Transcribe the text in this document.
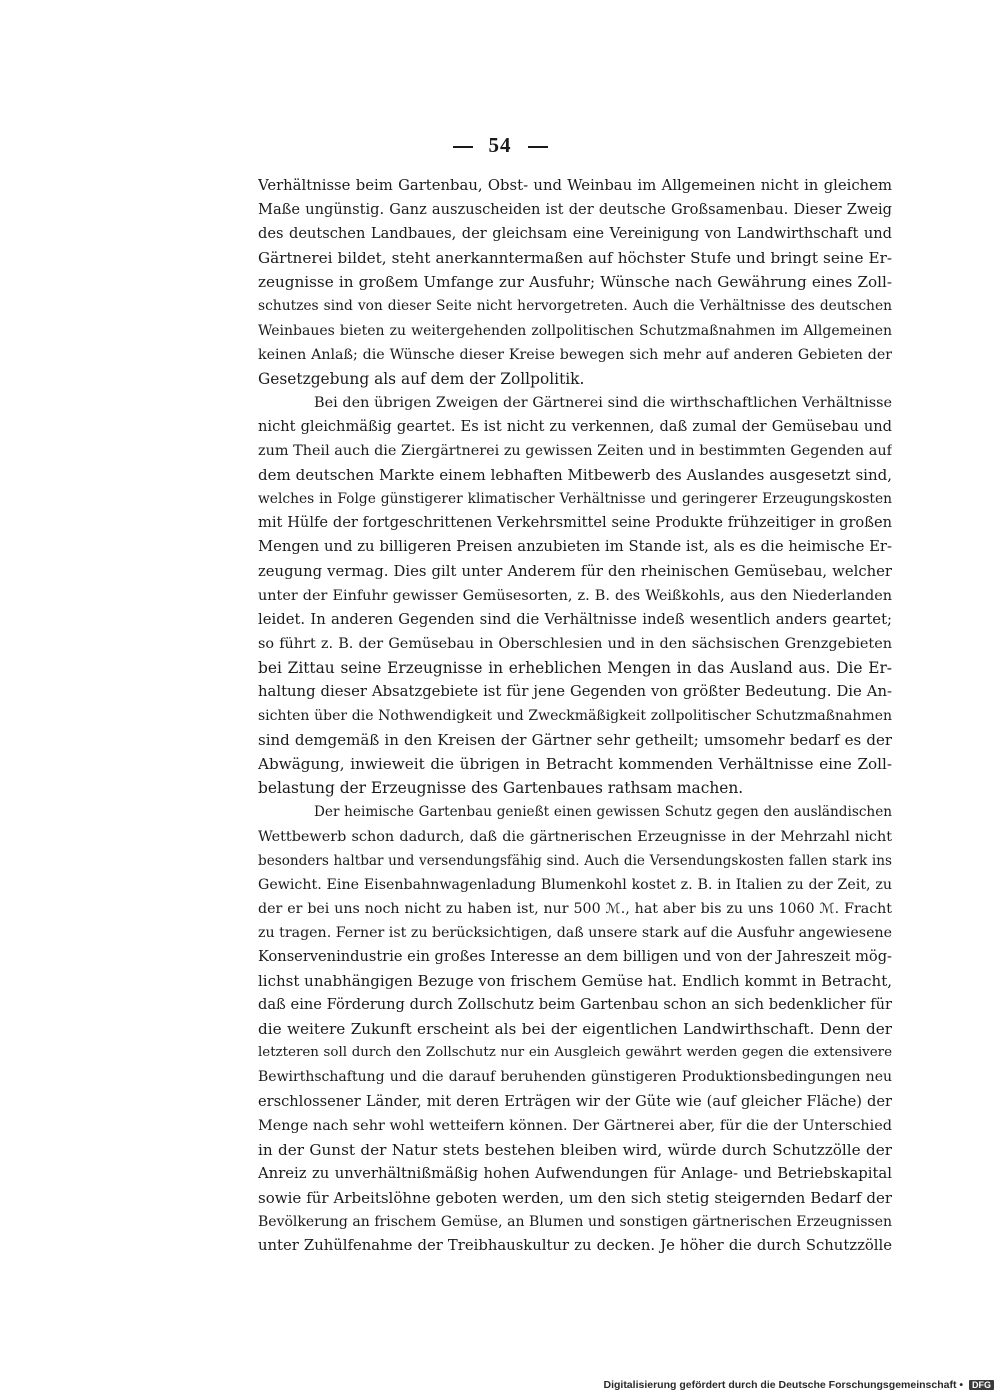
54
Verhältnisse beim Gartenbau, Obst- und Weinbau im Allgemeinen nicht in gleichem
Maße ungünstig. Ganz auszuscheiden ist der deutsche Großsamenbau. Dieser Zweig
des deutschen Landbaues, der gleichsam eine Vereinigung von Landwirthschaft und
Gärtnerei bildet, steht anerkanntermaßen auf höchster Stufe und bringt seine Er-
zeugnisse in großem Umfange zur Ausfuhr; Wünsche nach Gewährung eines Zoll-
schutzes sind von dieser Seite nicht hervorgetreten. Auch die Verhältnisse des deutschen
Weinbaues bieten zu weitergehenden zollpolitischen Schutzmaßnahmen im Allgemeinen
keinen Anlaß; die Wünsche dieser Kreise bewegen sich mehr auf anderen Gebieten der
Gesetzgebung als auf dem der Zollpolitik.
Bei den übrigen Zweigen der Gärtnerei sind die wirthschaftlichen Verhältnisse
nicht gleichmäßig geartet. Es ist nicht zu verkennen, daß zumal der Gemüsebau und
zum Theil auch die Ziergärtnerei zu gewissen Zeiten und in bestimmten Gegenden auf
dem deutschen Markte einem lebhaften Mitbewerb des Auslandes ausgesetzt sind,
welches in Folge günstigerer klimatischer Verhältnisse und geringerer Erzeugungskosten
mit Hülfe der fortgeschrittenen Verkehrsmittel seine Produkte frühzeitiger in großen
Mengen und zu billigeren Preisen anzubieten im Stande ist, als es die heimische Er-
zeugung vermag. Dies gilt unter Anderem für den rheinischen Gemüsebau, welcher
unter der Einfuhr gewisser Gemüsesorten, z. B. des Weißkohls, aus den Niederlanden
leidet. In anderen Gegenden sind die Verhältnisse indeß wesentlich anders geartet;
so führt z. B. der Gemüsebau in Oberschlesien und in den sächsischen Grenzgebieten
bei Zittau seine Erzeugnisse in erheblichen Mengen in das Ausland aus. Die Er-
haltung dieser Absatzgebiete ist für jene Gegenden von größter Bedeutung. Die An-
sichten über die Nothwendigkeit und Zweckmäßigkeit zollpolitischer Schutzmaßnahmen
sind demgemäß in den Kreisen der Gärtner sehr getheilt; umsomehr bedarf es der
Abwägung, inwieweit die übrigen in Betracht kommenden Verhältnisse eine Zoll-
belastung der Erzeugnisse des Gartenbaues rathsam machen.
Der heimische Gartenbau genießt einen gewissen Schutz gegen den ausländischen
Wettbewerb schon dadurch, daß die gärtnerischen Erzeugnisse in der Mehrzahl nicht
besonders haltbar und versendungsfähig sind. Auch die Versendungskosten fallen stark ins
Gewicht. Eine Eisenbahnwagenladung Blumenkohl kostet z. B. in Italien zu der Zeit, zu
der er bei uns noch nicht zu haben ist, nur 500 ℳ., hat aber bis zu uns 1060 ℳ. Fracht
zu tragen. Ferner ist zu berücksichtigen, daß unsere stark auf die Ausfuhr angewiesene
Konservenindustrie ein großes Interesse an dem billigen und von der Jahreszeit mög-
lichst unabhängigen Bezuge von frischem Gemüse hat. Endlich kommt in Betracht,
daß eine Förderung durch Zollschutz beim Gartenbau schon an sich bedenklicher für
die weitere Zukunft erscheint als bei der eigentlichen Landwirthschaft. Denn der
letzteren soll durch den Zollschutz nur ein Ausgleich gewährt werden gegen die extensivere
Bewirthschaftung und die darauf beruhenden günstigeren Produktionsbedingungen neu
erschlossener Länder, mit deren Erträgen wir der Güte wie (auf gleicher Fläche) der
Menge nach sehr wohl wetteifern können. Der Gärtnerei aber, für die der Unterschied
in der Gunst der Natur stets bestehen bleiben wird, würde durch Schutzzölle der
Anreiz zu unverhältnißmäßig hohen Aufwendungen für Anlage- und Betriebskapital
sowie für Arbeitslöhne geboten werden, um den sich stetig steigernden Bedarf der
Bevölkerung an frischem Gemüse, an Blumen und sonstigen gärtnerischen Erzeugnissen
unter Zuhülfenahme der Treibhauskultur zu decken. Je höher die durch Schutzzölle
Digitalisierung gefördert durch die Deutsche Forschungsgemeinschaft • DFG
